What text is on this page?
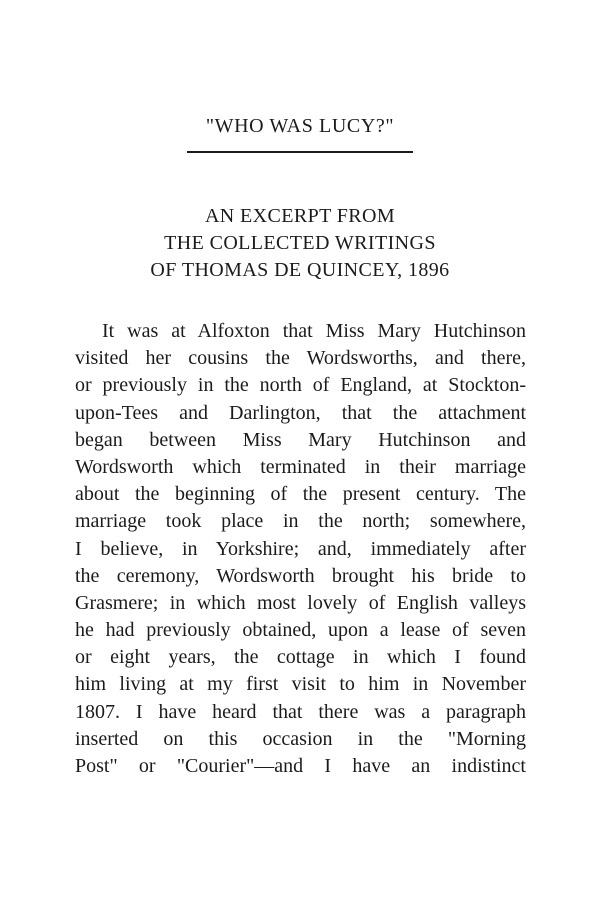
"WHO WAS LUCY?"
AN EXCERPT FROM
THE COLLECTED WRITINGS
OF THOMAS DE QUINCEY, 1896
It was at Alfoxton that Miss Mary Hutchinson
visited her cousins the Wordsworths, and there,
or previously in the north of England, at Stockton-
upon-Tees and Darlington, that the attachment
began between Miss Mary Hutchinson and
Wordsworth which terminated in their marriage
about the beginning of the present century. The
marriage took place in the north; somewhere,
I believe, in Yorkshire; and, immediately after
the ceremony, Wordsworth brought his bride to
Grasmere; in which most lovely of English valleys
he had previously obtained, upon a lease of seven
or eight years, the cottage in which I found
him living at my first visit to him in November
1807. I have heard that there was a paragraph
inserted on this occasion in the "Morning
Post" or "Courier"—and I have an indistinct
